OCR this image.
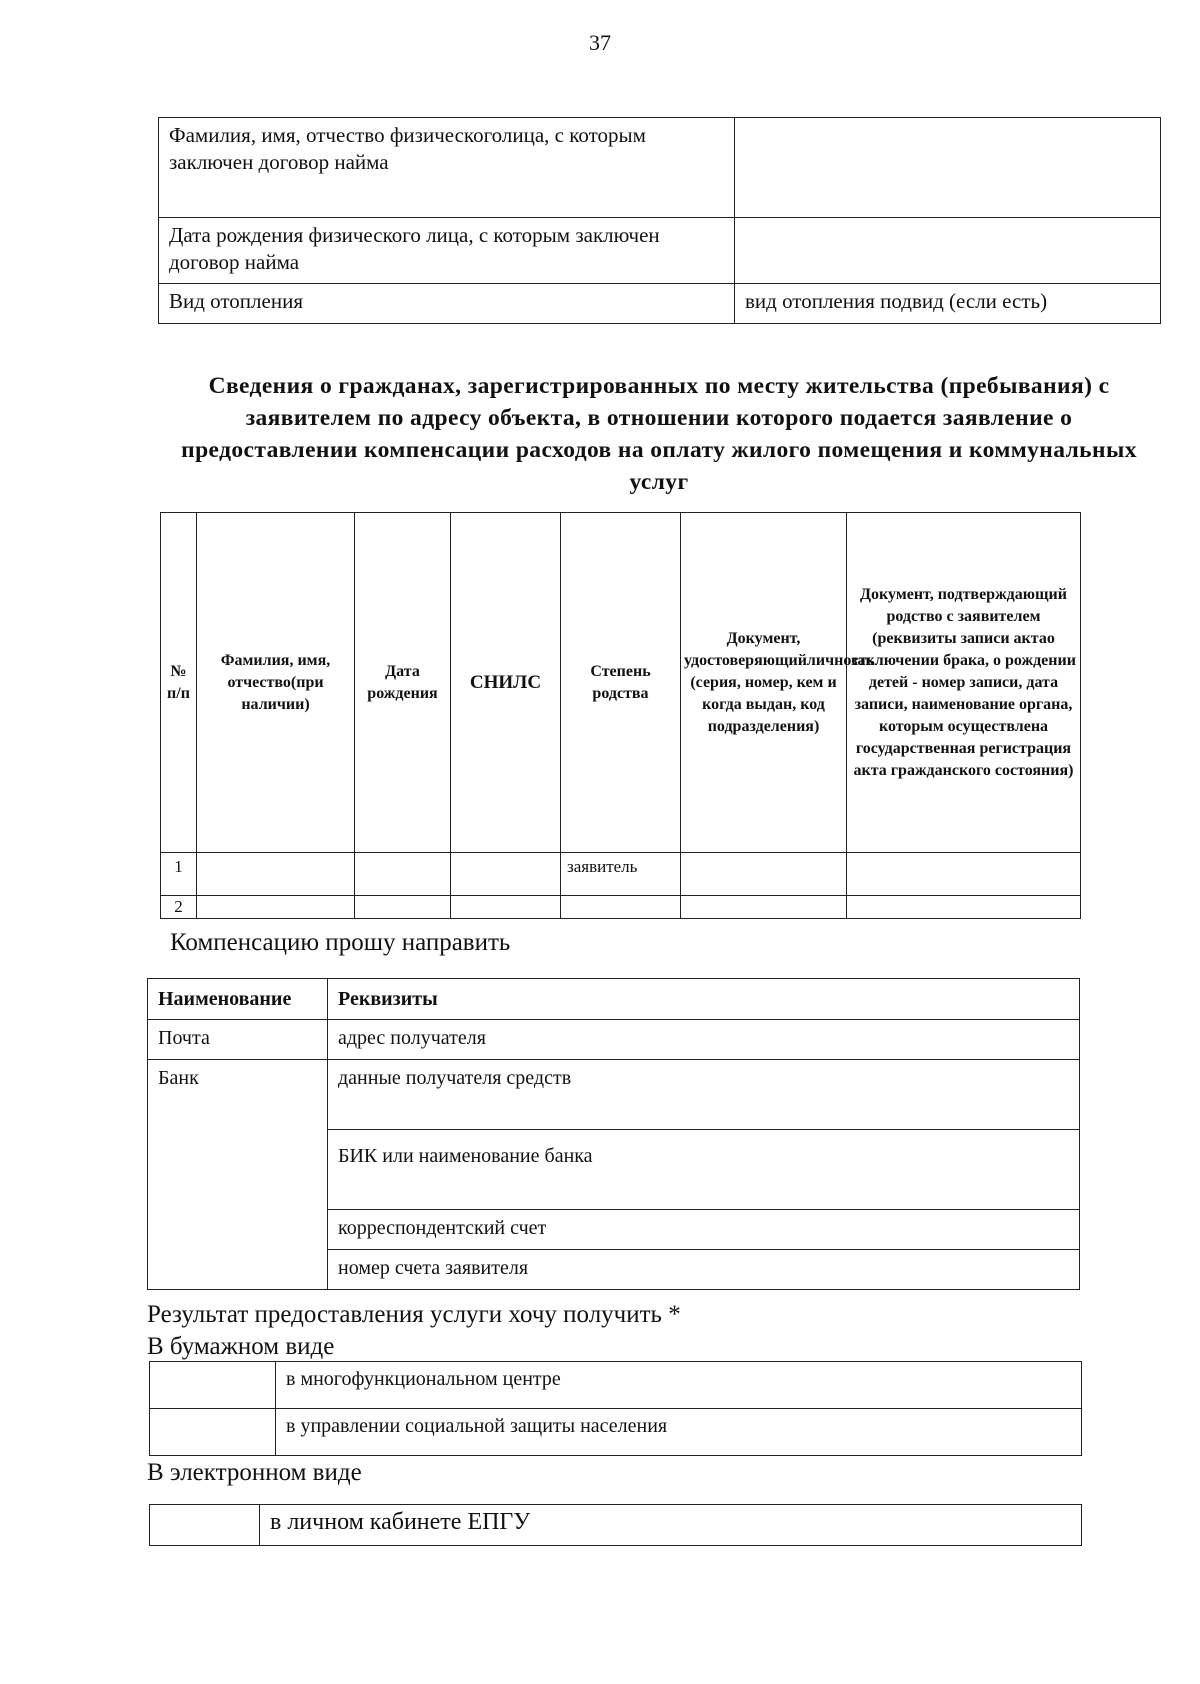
37
Фамилия, имя, отчество физическоголица, с которым заключен договор найма	
Дата рождения физического лица, с которым заключен договор найма	
Вид отопления	вид отопления подвид (если есть)
Сведения о гражданах, зарегистрированных по месту жительства (пребывания) с заявителем по адресу объекта, в отношении которого подается заявление о предоставлении компенсации расходов на оплату жилого помещения и коммунальных услуг
№ п/п	Фамилия, имя, отчество(при наличии)	Дата рождения	СНИЛС	Степень родства	Документ, удостоверяющийличность (серия, номер, кем и когда выдан, код подразделения)	Документ, подтверждающий родство с заявителем (реквизиты записи актао заключении брака, о рождении детей - номер записи, дата записи, наименование органа, которым осуществлена государственная регистрация акта гражданского состояния)
1				заявитель		
2						
Компенсацию прошу направить
Наименование	Реквизиты
Почта	адрес получателя
Банк	данные получателя средств
	БИК или наименование банка
	корреспондентский счет
	номер счета заявителя
Результат предоставления услуги хочу получить *
В бумажном виде
	в многофункциональном центре
	в управлении социальной защиты населения
В электронном виде
	в личном кабинете ЕПГУ
